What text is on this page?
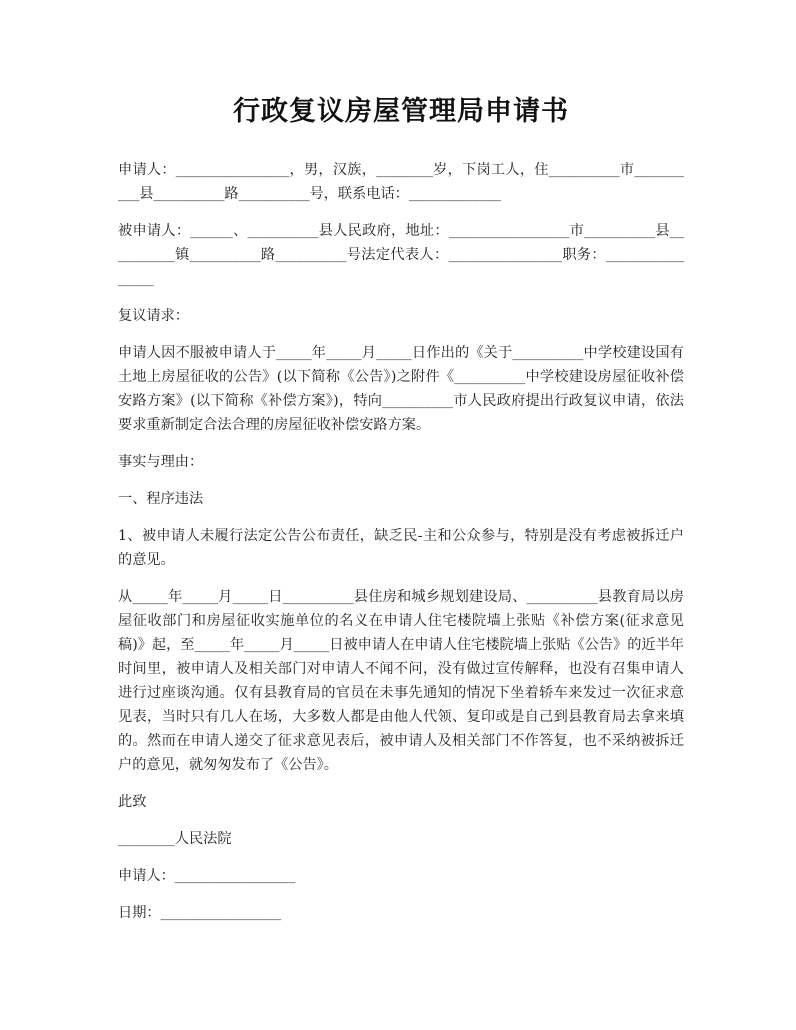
行政复议房屋管理局申请书

申请人：________________，男，汉族，________岁，下岗工人，住__________市__________县__________路__________号，联系电话：_____________

被申请人：______、__________县人民政府，地址：_________________市__________县__________镇__________路__________号法定代表人：________________职务：________________

复议请求：

申请人因不服被申请人于_____年_____月_____日作出的《关于__________中学校建设国有土地上房屋征收的公告》(以下简称《公告》)之附件《__________中学校建设房屋征收补偿安路方案》(以下简称《补偿方案》)，特向__________市人民政府提出行政复议申请，依法要求重新制定合法合理的房屋征收补偿安路方案。

事实与理由：

一、程序违法

1、被申请人未履行法定公告公布责任，缺乏民-主和公众参与，特别是没有考虑被拆迁户的意见。

从_____年_____月_____日__________县住房和城乡规划建设局、__________县教育局以房屋征收部门和房屋征收实施单位的名义在申请人住宅楼院墙上张贴《补偿方案(征求意见稿)》起，至_____年_____月_____日被申请人在申请人住宅楼院墙上张贴《公告》的近半年时间里，被申请人及相关部门对申请人不闻不问，没有做过宣传解释，也没有召集申请人进行过座谈沟通。仅有县教育局的官员在未事先通知的情况下坐着轿车来发过一次征求意见表，当时只有几人在场，大多数人都是由他人代领、复印或是自己到县教育局去拿来填的。然而在申请人递交了征求意见表后，被申请人及相关部门不作答复，也不采纳被拆迁户的意见，就匆匆发布了《公告》。

此致

________人民法院

申请人：_________________

日期：_________________
